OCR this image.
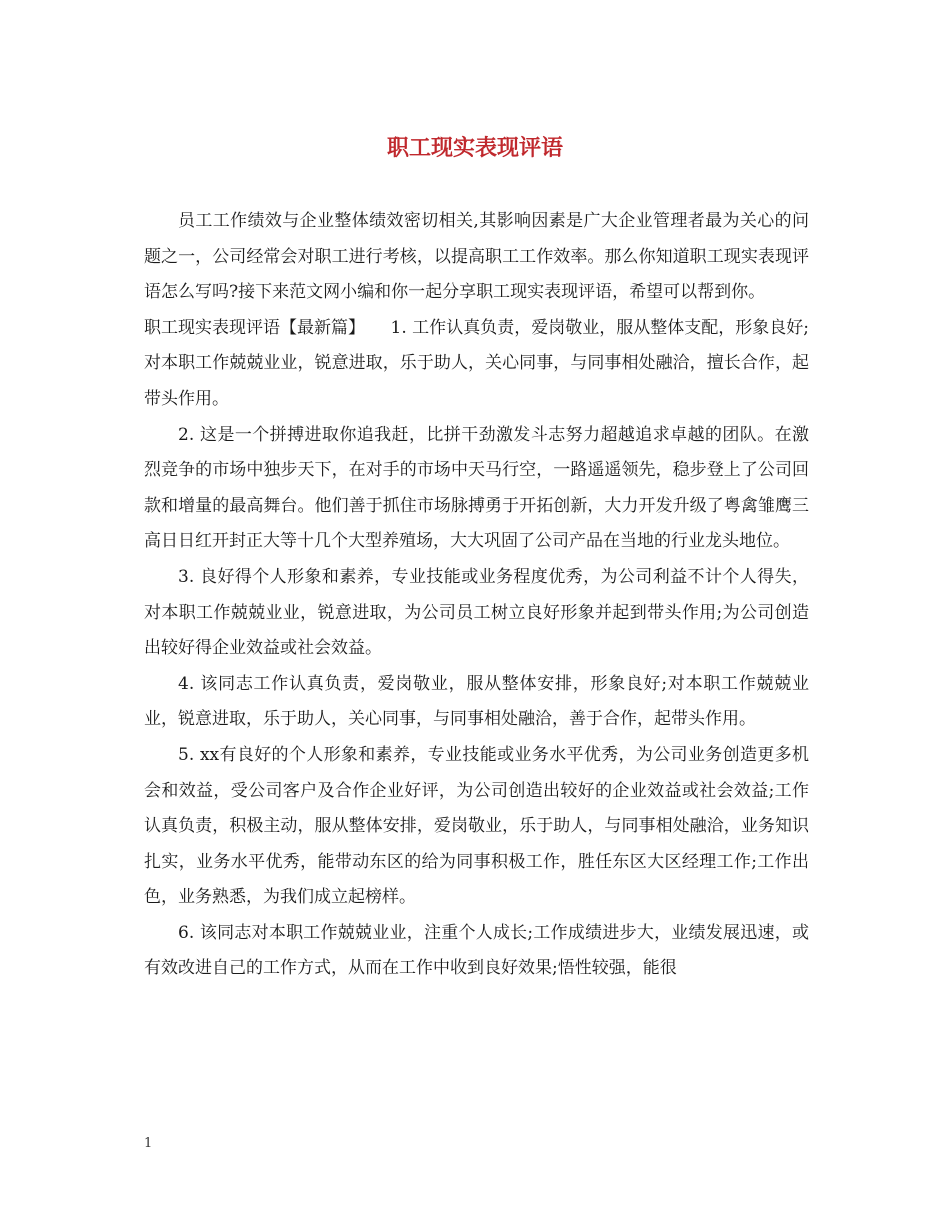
职工现实表现评语

员工工作绩效与企业整体绩效密切相关,其影响因素是广大企业管理者最为关心的问题之一，公司经常会对职工进行考核，以提高职工工作效率。那么你知道职工现实表现评语怎么写吗?接下来范文网小编和你一起分享职工现实表现评语，希望可以帮到你。

职工现实表现评语【最新篇】　　1. 工作认真负责，爱岗敬业，服从整体支配，形象良好;对本职工作兢兢业业，锐意进取，乐于助人，关心同事，与同事相处融洽，擅长合作，起带头作用。

2. 这是一个拼搏进取你追我赶，比拼干劲激发斗志努力超越追求卓越的团队。在激烈竞争的市场中独步天下，在对手的市场中天马行空，一路遥遥领先，稳步登上了公司回款和增量的最高舞台。他们善于抓住市场脉搏勇于开拓创新，大力开发升级了粤禽雏鹰三高日日红开封正大等十几个大型养殖场，大大巩固了公司产品在当地的行业龙头地位。

3. 良好得个人形象和素养，专业技能或业务程度优秀，为公司利益不计个人得失，对本职工作兢兢业业，锐意进取，为公司员工树立良好形象并起到带头作用;为公司创造出较好得企业效益或社会效益。

4. 该同志工作认真负责，爱岗敬业，服从整体安排，形象良好;对本职工作兢兢业业，锐意进取，乐于助人，关心同事，与同事相处融洽，善于合作，起带头作用。

5. xx有良好的个人形象和素养，专业技能或业务水平优秀，为公司业务创造更多机会和效益，受公司客户及合作企业好评，为公司创造出较好的企业效益或社会效益;工作认真负责，积极主动，服从整体安排，爱岗敬业，乐于助人，与同事相处融洽，业务知识扎实，业务水平优秀，能带动东区的给为同事积极工作，胜任东区大区经理工作;工作出色，业务熟悉，为我们成立起榜样。

6. 该同志对本职工作兢兢业业，注重个人成长;工作成绩进步大，业绩发展迅速，或有效改进自己的工作方式，从而在工作中收到良好效果;悟性较强，能很

1
